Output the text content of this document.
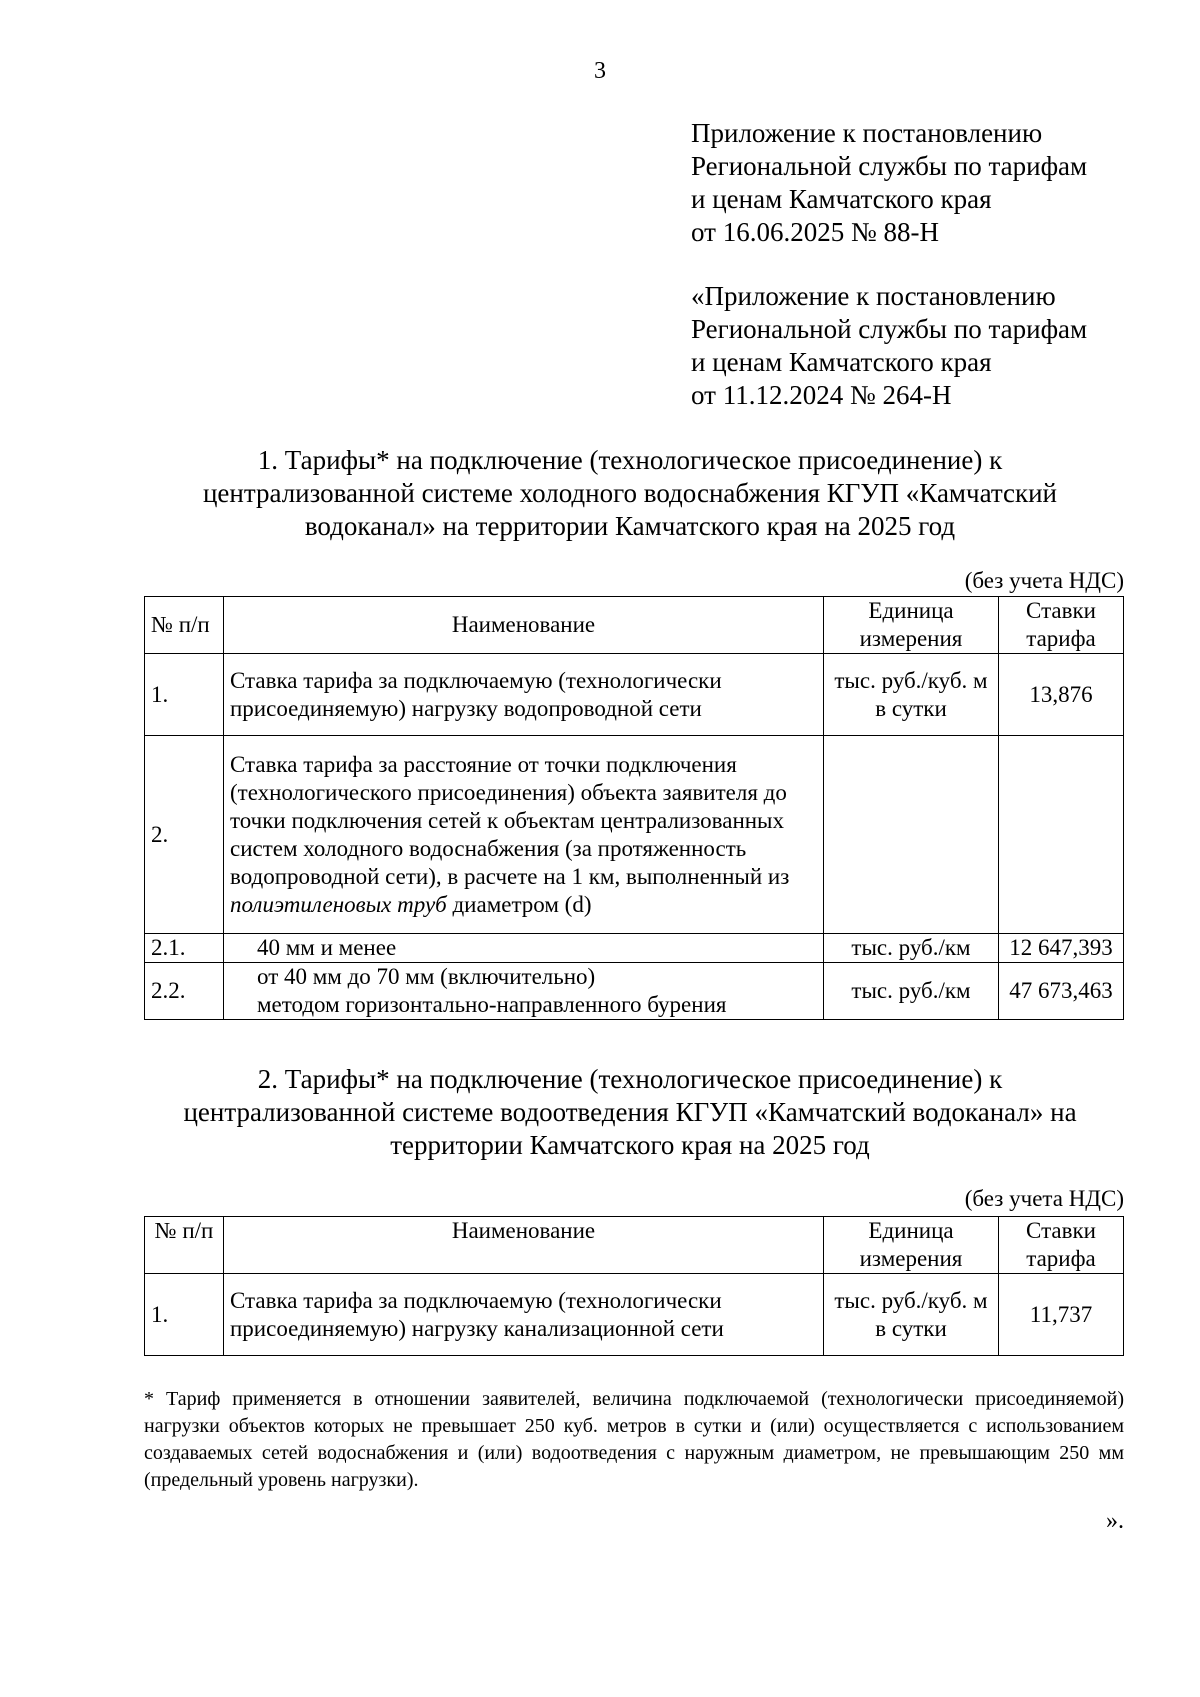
3
Приложение к постановлению
Региональной службы по тарифам
и ценам Камчатского края
от 16.06.2025 № 88-Н
«Приложение к постановлению
Региональной службы по тарифам
и ценам Камчатского края
от 11.12.2024 № 264-Н
1. Тарифы* на подключение (технологическое присоединение) к
централизованной системе холодного водоснабжения КГУП «Камчатский
водоканал» на территории Камчатского края на 2025 год
(без учета НДС)
№ п/п	Наименование	Единица измерения	Ставки тарифа
1.	Ставка тарифа за подключаемую (технологически присоединяемую) нагрузку водопроводной сети	тыс. руб./куб. м в сутки	13,876
2.	Ставка тарифа за расстояние от точки подключения (технологического присоединения) объекта заявителя до точки подключения сетей к объектам централизованных систем холодного водоснабжения (за протяженность водопроводной сети), в расчете на 1 км, выполненный из полиэтиленовых труб диаметром (d)		
2.1.	40 мм и менее	тыс. руб./км	12 647,393
2.2.	от 40 мм до 70 мм (включительно)
методом горизонтально-направленного бурения	тыс. руб./км	47 673,463
2. Тарифы* на подключение (технологическое присоединение) к
централизованной системе водоотведения КГУП «Камчатский водоканал» на
территории Камчатского края на 2025 год
(без учета НДС)
№ п/п	Наименование	Единица измерения	Ставки тарифа
1.	Ставка тарифа за подключаемую (технологически присоединяемую) нагрузку канализационной сети	тыс. руб./куб. м в сутки	11,737
* Тариф применяется в отношении заявителей, величина подключаемой (технологически присоединяемой) нагрузки объектов которых не превышает 250 куб. метров в сутки и (или) осуществляется с использованием создаваемых сетей водоснабжения и (или) водоотведения с наружным диаметром, не превышающим 250 мм (предельный уровень нагрузки).
».
